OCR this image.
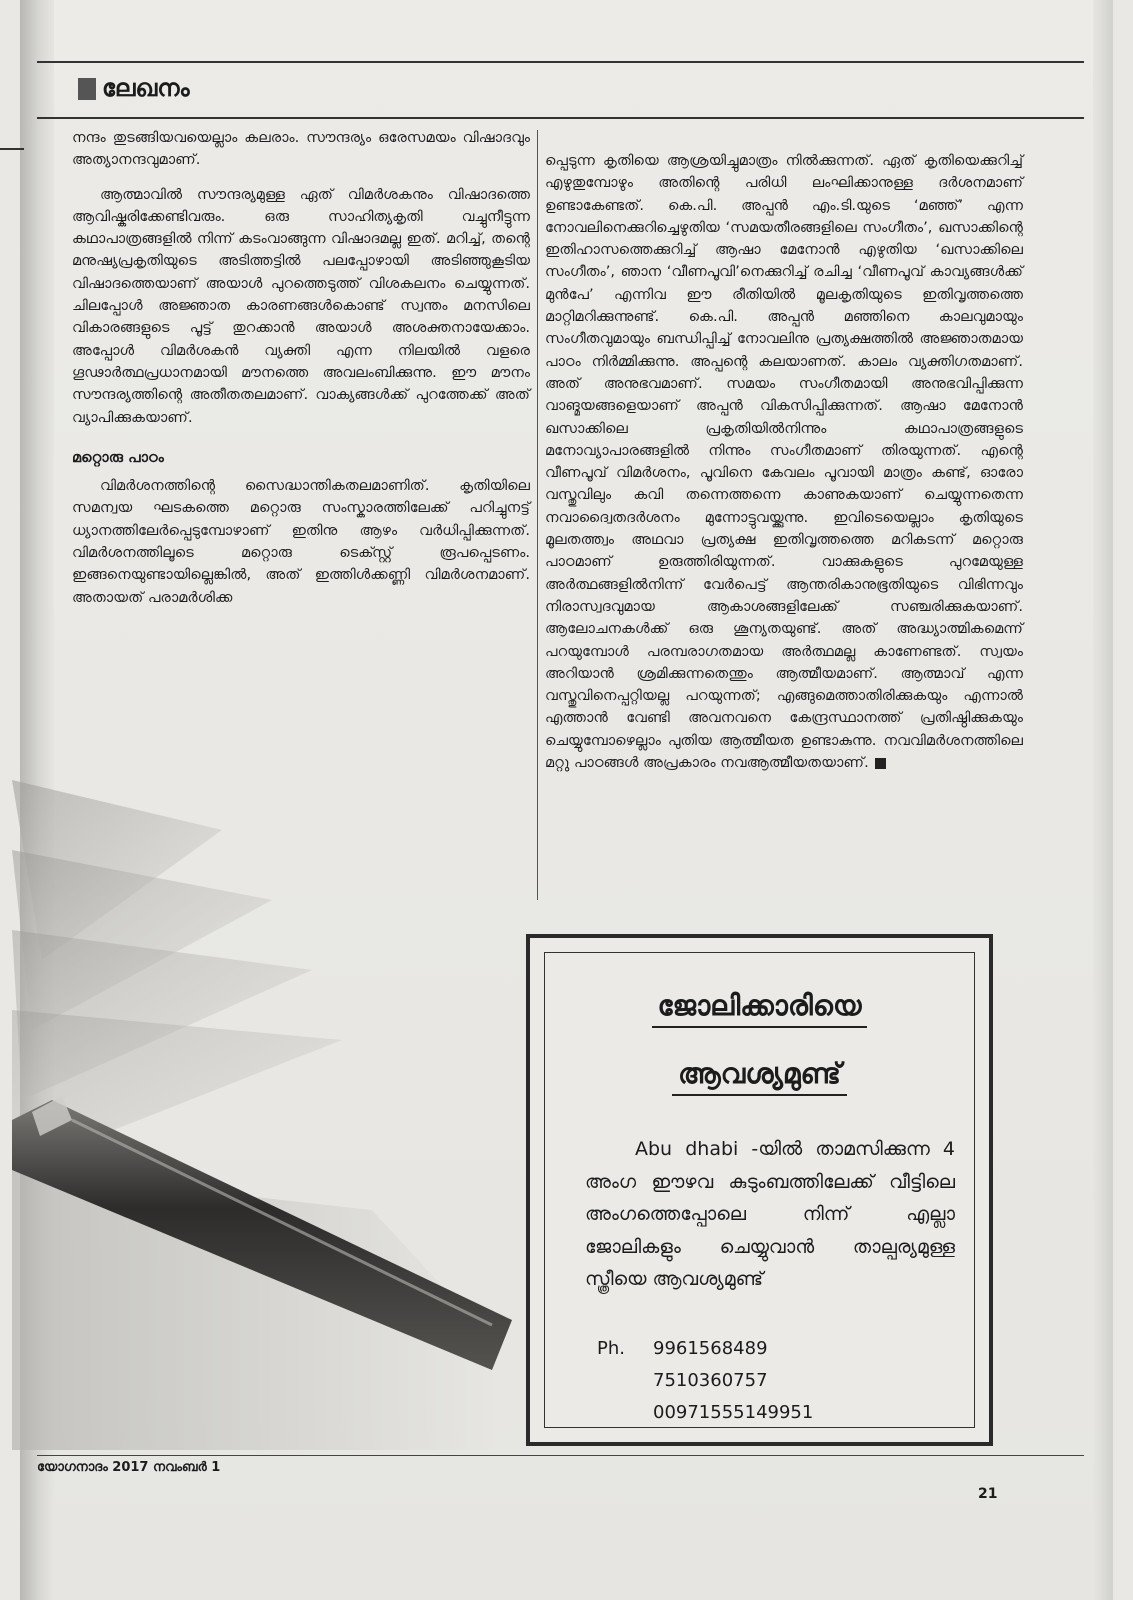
ലേഖനം

നന്ദം തുടങ്ങിയവയെല്ലാം കലരാം. സൗന്ദര്യം ഒരേസമയം വിഷാദവും അത്യാനന്ദവുമാണ്.

ആത്മാവിൽ സൗന്ദര്യമുള്ള ഏത് വിമർശകനും വിഷാദത്തെ ആവിഷ്കരിക്കേണ്ടിവരും. ഒരു സാഹിത്യകൃതി വച്ചുനീട്ടുന്ന കഥാപാത്രങ്ങളിൽ നിന്ന് കടംവാങ്ങുന്ന വിഷാദമല്ല ഇത്. മറിച്ച്, തന്റെ മനുഷ്യപ്രകൃതിയുടെ അടിത്തട്ടിൽ പലപ്പോഴായി അടിഞ്ഞുകൂടിയ വിഷാദത്തെയാണ് അയാൾ പുറത്തെടുത്ത് വിശകലനം ചെയ്യുന്നത്. ചിലപ്പോൾ അജ്ഞാത കാരണങ്ങൾകൊണ്ട് സ്വന്തം മനസിലെ വികാരങ്ങളുടെ പൂട്ട് തുറക്കാൻ അയാൾ അശക്തനായേക്കാം. അപ്പോൾ വിമർശകൻ വ്യക്തി എന്ന നിലയിൽ വളരെ ഗൂഢാർത്ഥപ്രധാനമായി മൗനത്തെ അവലംബിക്കുന്നു. ഈ മൗനം സൗന്ദര്യത്തിന്റെ അതീതതലമാണ്. വാക്യങ്ങൾക്ക് പുറത്തേക്ക് അത് വ്യാപിക്കുകയാണ്.

മറ്റൊരു പാഠം

വിമർശനത്തിന്റെ സൈദ്ധാന്തികതലമാണിത്. കൃതിയിലെ സമന്വയ ഘടകത്തെ മറ്റൊരു സംസ്കാരത്തിലേക്ക് പറിച്ചുനട്ട് ധ്യാനത്തിലേർപ്പെടുമ്പോഴാണ് ഇതിനു ആഴം വർധിപ്പിക്കുന്നത്. വിമർശനത്തിലൂടെ മറ്റൊരു ടെക്സ്റ്റ് രൂപപ്പെടണം. ഇങ്ങനെയുണ്ടായില്ലെങ്കിൽ, അത് ഇത്തിൾക്കണ്ണി വിമർശനമാണ്. അതായത് പരാമർശിക്ക

പ്പെടുന്ന കൃതിയെ ആശ്രയിച്ചുമാത്രം നിൽക്കുന്നത്. ഏത് കൃതിയെക്കുറിച്ച് എഴുതുമ്പോഴും അതിന്റെ പരിധി ലംഘിക്കാനുള്ള ദർശനമാണ് ഉണ്ടാകേണ്ടത്. കെ.പി. അപ്പൻ എം.ടി.യുടെ ‘മഞ്ഞ്’ എന്ന നോവലിനെക്കുറിച്ചെഴുതിയ ‘സമയതീരങ്ങളിലെ സംഗീതം’, ഖസാക്കിന്റെ ഇതിഹാസത്തെക്കുറിച്ച് ആഷാ മേനോൻ എഴുതിയ ‘ഖസാക്കിലെ സംഗീതം’, ഞാന ‘വീണപൂവി’നെക്കുറിച്ച് രചിച്ച ‘വീണപൂവ് കാവ്യങ്ങൾക്ക് മുൻപേ’ എന്നിവ ഈ രീതിയിൽ മൂലകൃതിയുടെ ഇതിവൃത്തത്തെ മാറ്റിമറിക്കുന്നുണ്ട്. കെ.പി. അപ്പൻ മഞ്ഞിനെ കാലവുമായും സംഗീതവുമായും ബന്ധിപ്പിച്ച് നോവലിനു പ്രത്യക്ഷത്തിൽ അജ്ഞാതമായ പാഠം നിർമ്മിക്കുന്നു. അപ്പന്റെ കലയാണത്. കാലം വ്യക്തിഗതമാണ്. അത് അനുഭവമാണ്. സമയം സംഗീതമായി അനുഭവിപ്പിക്കുന്ന വാങ്മയങ്ങളെയാണ് അപ്പൻ വികസിപ്പിക്കുന്നത്. ആഷാ മേനോൻ ഖസാക്കിലെ പ്രകൃതിയിൽനിന്നും കഥാപാത്രങ്ങളുടെ മനോവ്യാപാരങ്ങളിൽ നിന്നും സംഗീതമാണ് തിരയുന്നത്. എന്റെ വീണപൂവ് വിമർശനം, പൂവിനെ കേവലം പൂവായി മാത്രം കണ്ട്, ഓരോ വസ്തുവിലും കവി തന്നെത്തന്നെ കാണുകയാണ് ചെയ്യുന്നതെന്ന നവാദ്വൈതദർശനം മുന്നോട്ടുവയ്ക്കുന്നു. ഇവിടെയെല്ലാം കൃതിയുടെ മൂലതത്ത്വം അഥവാ പ്രത്യക്ഷ ഇതിവൃത്തത്തെ മറികടന്ന് മറ്റൊരു പാഠമാണ് ഉരുത്തിരിയുന്നത്. വാക്കുകളുടെ പുറമേയുള്ള അർത്ഥങ്ങളിൽനിന്ന് വേർപെട്ട് ആന്തരികാനുഭൂതിയുടെ വിഭിന്നവും നിരാസ്വദവുമായ ആകാശങ്ങളിലേക്ക് സഞ്ചരിക്കുകയാണ്. ആലോചനകൾക്ക് ഒരു ശൂന്യതയുണ്ട്. അത് അദ്ധ്യാത്മികമെന്ന് പറയുമ്പോൾ പരമ്പരാഗതമായ അർത്ഥമല്ല കാണേണ്ടത്. സ്വയം അറിയാൻ ശ്രമിക്കുന്നതെന്തും ആത്മീയമാണ്. ആത്മാവ് എന്ന വസ്തുവിനെപ്പറ്റിയല്ല പറയുന്നത്; എങ്ങുമെത്താതിരിക്കുകയും എന്നാൽ എത്താൻ വേണ്ടി അവനവനെ കേന്ദ്രസ്ഥാനത്ത് പ്രതിഷ്ഠിക്കുകയും ചെയ്യുമ്പോഴെല്ലാം പുതിയ ആത്മീയത ഉണ്ടാകുന്നു. നവവിമർശനത്തിലെ മറ്റു പാഠങ്ങൾ അപ്രകാരം നവആത്മീയതയാണ്.

ജോലിക്കാരിയെ
ആവശ്യമുണ്ട്
Abu dhabi -യിൽ താമസിക്കുന്ന 4 അംഗ ഈഴവ കുടുംബത്തിലേക്ക് വീട്ടിലെ അംഗത്തെപ്പോലെ നിന്ന് എല്ലാ ജോലികളും ചെയ്യുവാൻ താല്പര്യമുള്ള സ്ത്രീയെ ആവശ്യമുണ്ട്
Ph. 9961568489
7510360757
00971555149951
യോഗനാദം 2017 നവംബർ 1
21
